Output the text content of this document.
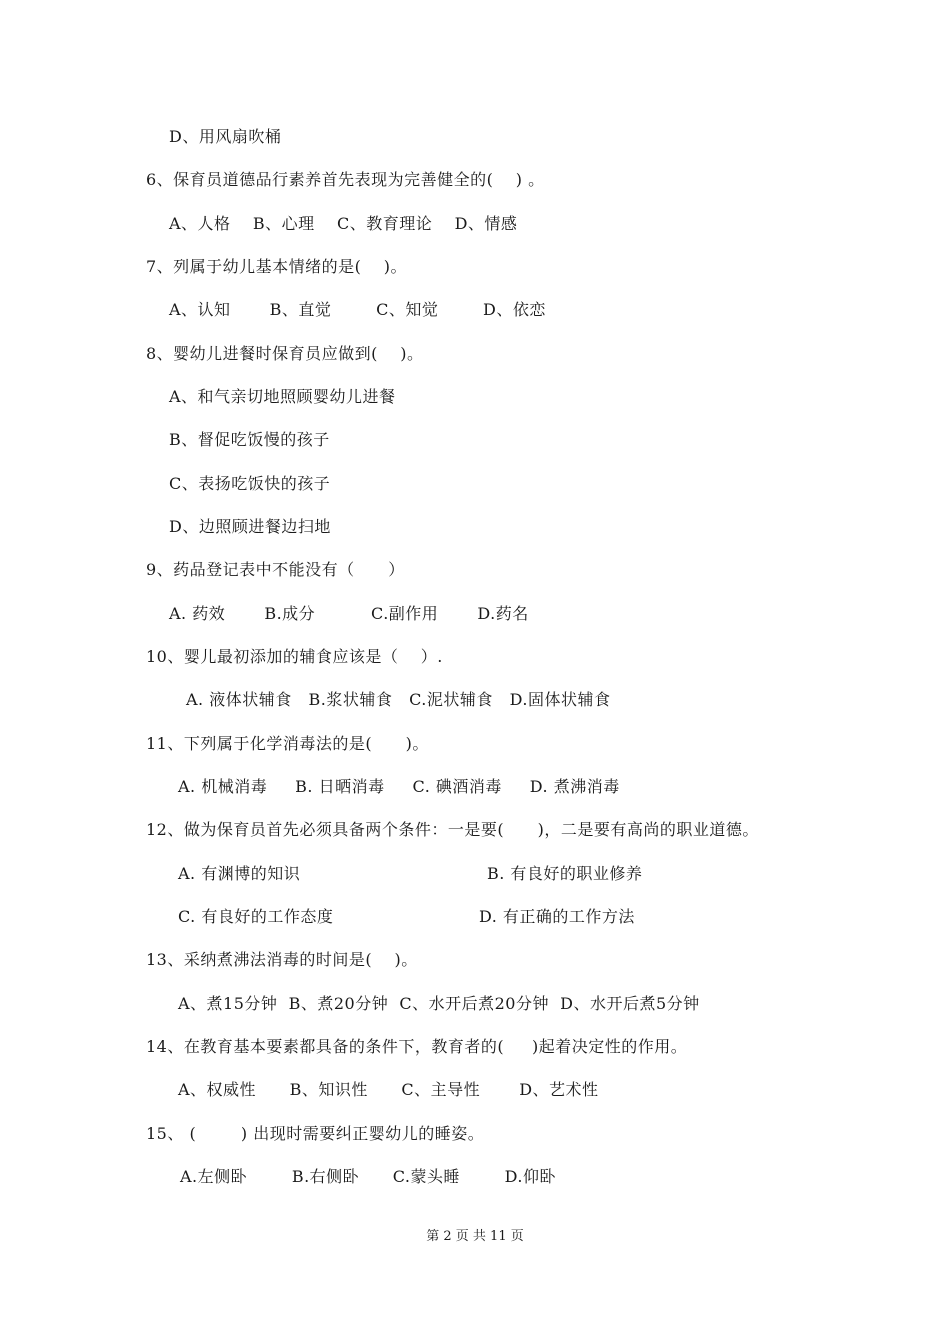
D、用风扇吹桶
6、保育员道德品行素养首先表现为完善健全的(    ) 。
A、人格    B、心理    C、教育理论    D、情感
7、列属于幼儿基本情绪的是(    )。
A、认知       B、直觉        C、知觉        D、依恋
8、婴幼儿进餐时保育员应做到(    )。
A、和气亲切地照顾婴幼儿进餐
B、督促吃饭慢的孩子
C、表扬吃饭快的孩子
D、边照顾进餐边扫地
9、药品登记表中不能没有（      ）
A. 药效       B.成分          C.副作用       D.药名
10、婴儿最初添加的辅食应该是（    ）.
A. 液体状辅食   B.浆状辅食   C.泥状辅食   D.固体状辅食
11、下列属于化学消毒法的是(      )。
A. 机械消毒     B. 日晒消毒     C. 碘酒消毒     D. 煮沸消毒
12、做为保育员首先必须具备两个条件：一是要(      )，二是要有高尚的职业道德。
A. 有渊博的知识	B. 有良好的职业修养
C. 有良好的工作态度	D. 有正确的工作方法
13、采纳煮沸法消毒的时间是(    )。
A、煮15分钟  B、煮20分钟  C、水开后煮20分钟  D、水开后煮5分钟
14、在教育基本要素都具备的条件下，教育者的(     )起着决定性的作用。
A、权威性      B、知识性      C、主导性       D、艺术性
15、 (        ) 出现时需要纠正婴幼儿的睡姿。
A.左侧卧        B.右侧卧      C.蒙头睡        D.仰卧
第 2 页 共 11 页
